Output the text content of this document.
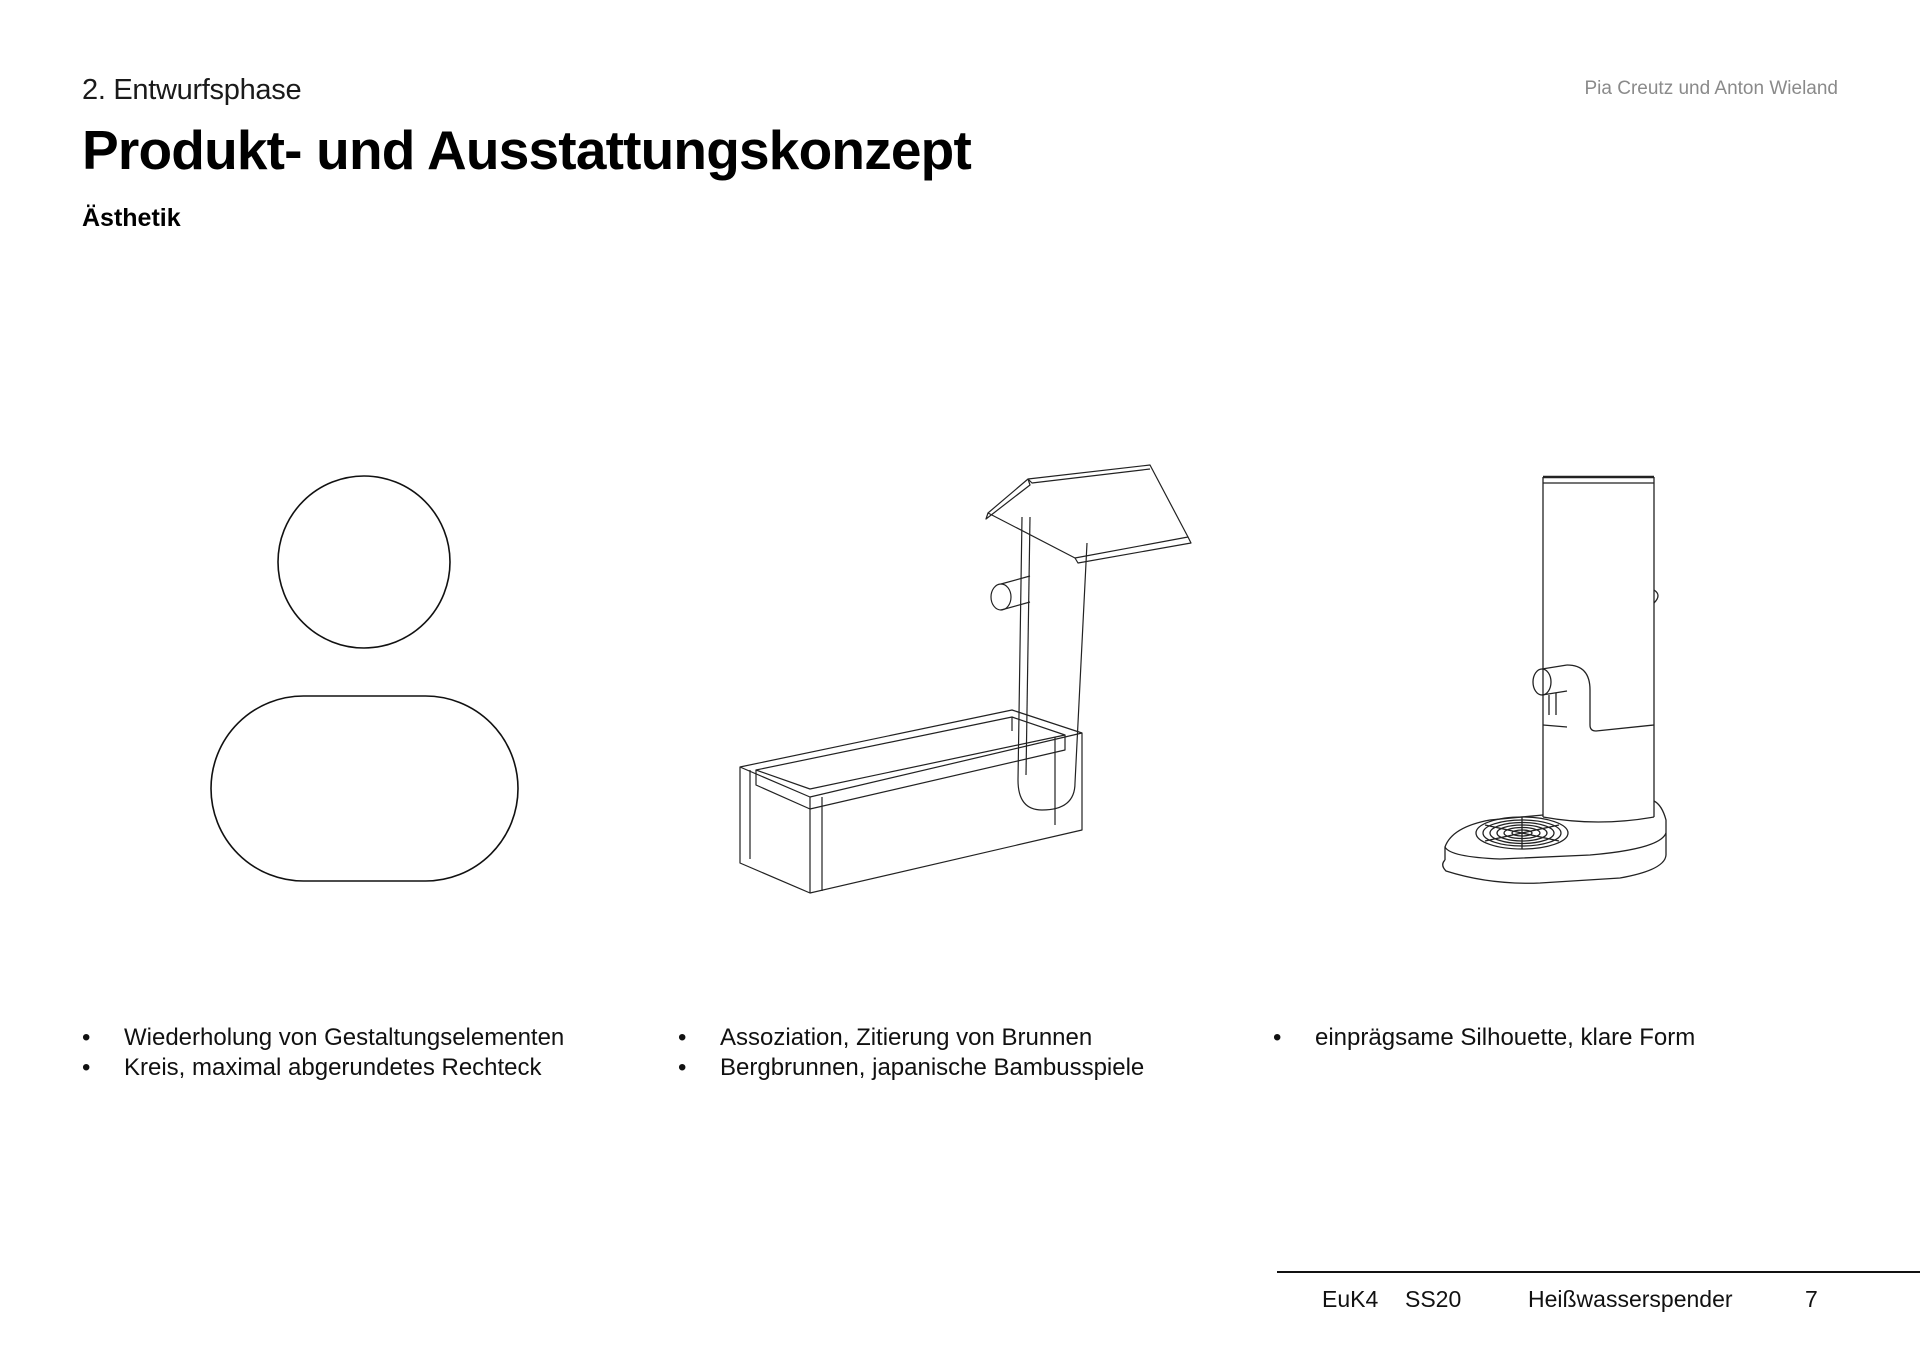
2. Entwurfsphase
Produkt- und Ausstattungskonzept
Ästhetik
Pia Creutz und Anton Wieland
• Wiederholung von Gestaltungselementen
• Kreis, maximal abgerundetes Rechteck
• Assoziation, Zitierung von Brunnen
• Bergbrunnen, japanische Bambusspiele
• einprägsame Silhouette, klare Form
EuK4 SS20	Heißwasserspender	7
